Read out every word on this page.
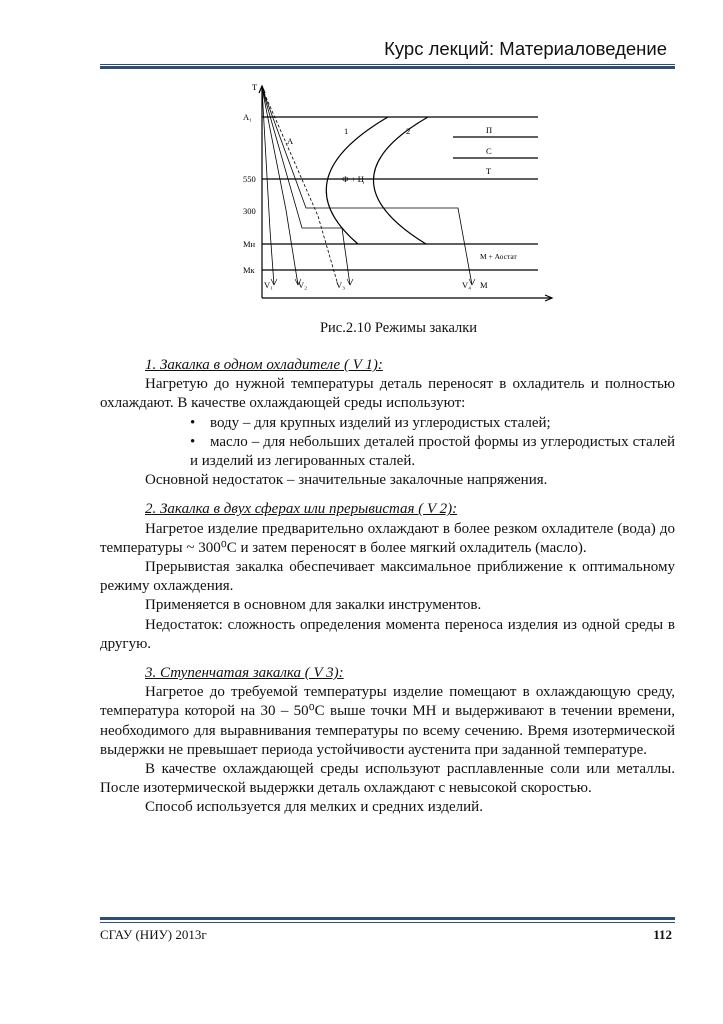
Курс лекций: Материаловедение
T
A₁
550
300
Mн
Mк
A
1	2	П
С
Т
Ф + Ц
М + Аостат
V₁	V₂	V₃	V₄ М
Рис.2.10 Режимы закалки

1. Закалка в одном охладителе ( V 1):

Нагретую до нужной температуры деталь переносят в охладитель и полностью охлаждают. В качестве охлаждающей среды используют:

• воду – для крупных изделий из углеродистых сталей;

• масло – для небольших деталей простой формы из углеродистых сталей и изделий из легированных сталей.

Основной недостаток – значительные закалочные напряжения.

2. Закалка в двух сферах или прерывистая ( V 2):

Нагретое изделие предварительно охлаждают в более резком охладителе (вода) до температуры ~ 300⁰С и затем переносят в более мягкий охладитель (масло).

Прерывистая закалка обеспечивает максимальное приближение к оптимальному режиму охлаждения.

Применяется в основном для закалки инструментов.

Недостаток: сложность определения момента переноса изделия из одной среды в другую.

3. Ступенчатая закалка ( V 3):

Нагретое до требуемой температуры изделие помещают в охлаждающую среду, температура которой на 30 – 50⁰С выше точки МН и выдерживают в течении времени, необходимого для выравнивания температуры по всему сечению. Время изотермической выдержки не превышает периода устойчивости аустенита при заданной температуре.

В качестве охлаждающей среды используют расплавленные соли или металлы. После изотермической выдержки деталь охлаждают с невысокой скоростью.

Способ используется для мелких и средних изделий.

СГАУ (НИУ) 2013г	112
